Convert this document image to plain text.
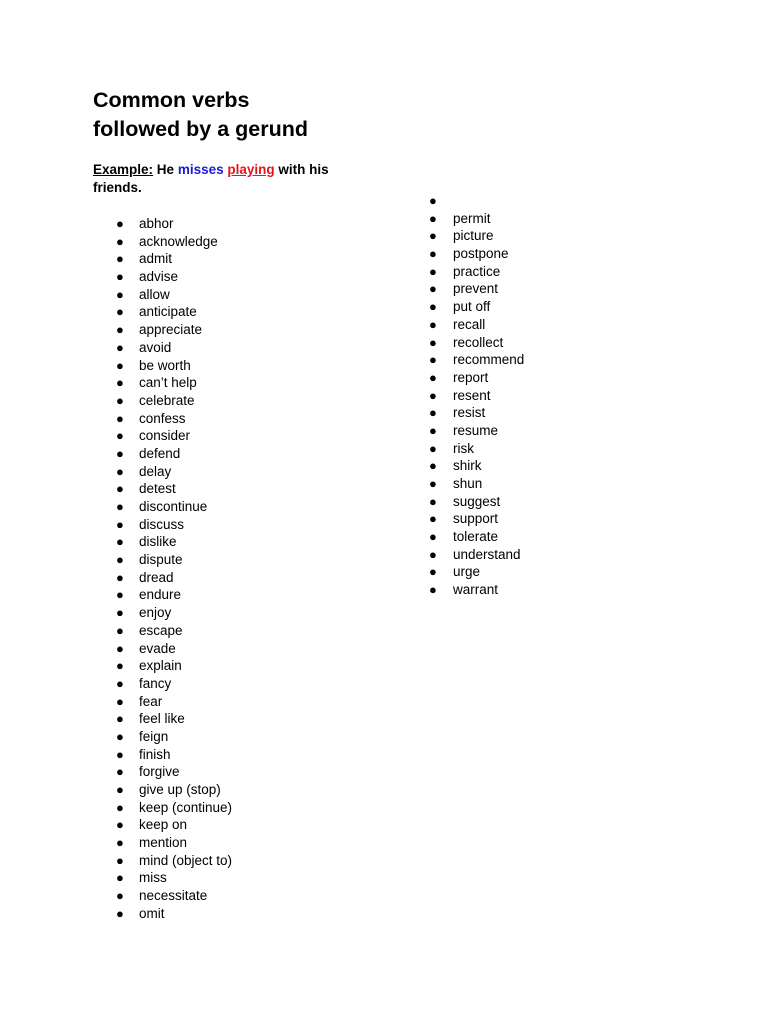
Common verbs
followed by a gerund
Example: He misses playing with his friends.
● abhor
● acknowledge
● admit
● advise
● allow
● anticipate
● appreciate
● avoid
● be worth
● can’t help
● celebrate
● confess
● consider
● defend
● delay
● detest
● discontinue
● discuss
● dislike
● dispute
● dread
● endure
● enjoy
● escape
● evade
● explain
● fancy
● fear
● feel like
● feign
● finish
● forgive
● give up (stop)
● keep (continue)
● keep on
● mention
● mind (object to)
● miss
● necessitate
● omit
●
● permit
● picture
● postpone
● practice
● prevent
● put off
● recall
● recollect
● recommend
● report
● resent
● resist
● resume
● risk
● shirk
● shun
● suggest
● support
● tolerate
● understand
● urge
● warrant
